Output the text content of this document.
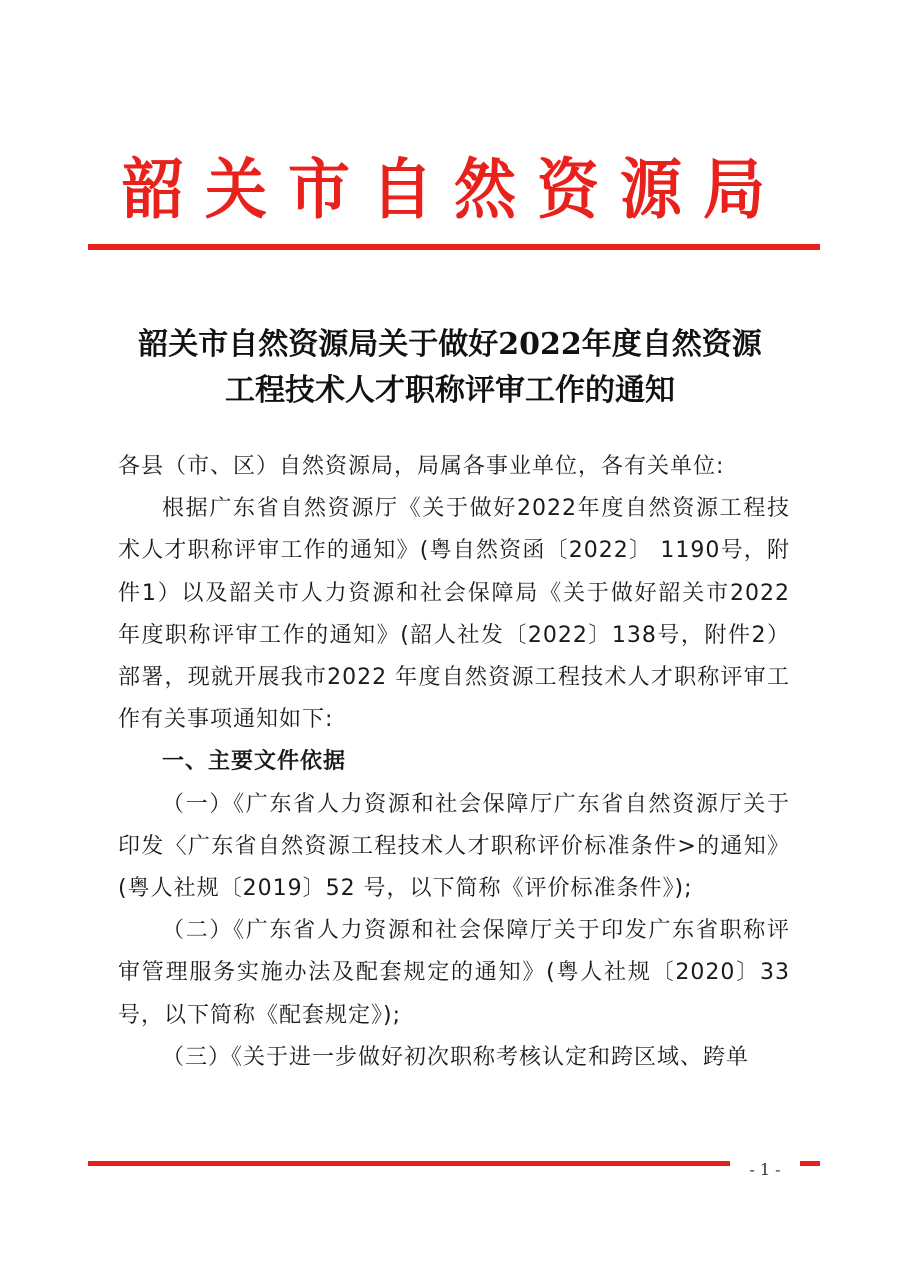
韶关市自然资源局
韶关市自然资源局关于做好2022年度自然资源
工程技术人才职称评审工作的通知

各县（市、区）自然资源局，局属各事业单位，各有关单位:

根据广东省自然资源厅《关于做好2022年度自然资源工程技术人才职称评审工作的通知》(粤自然资函〔2022〕 1190号，附件1）以及韶关市人力资源和社会保障局《关于做好韶关市2022 年度职称评审工作的通知》(韶人社发〔2022〕138号，附件2）部署，现就开展我市2022 年度自然资源工程技术人才职称评审工作有关事项通知如下:

一、主要文件依据

（一）《广东省人力资源和社会保障厅广东省自然资源厅关于印发〈广东省自然资源工程技术人才职称评价标准条件>的通知》(粤人社规〔2019〕52 号，以下简称《评价标准条件》);

（二）《广东省人力资源和社会保障厅关于印发广东省职称评审管理服务实施办法及配套规定的通知》(粤人社规〔2020〕33 号，以下简称《配套规定》);

（三）《关于进一步做好初次职称考核认定和跨区域、跨单

- 1 -
